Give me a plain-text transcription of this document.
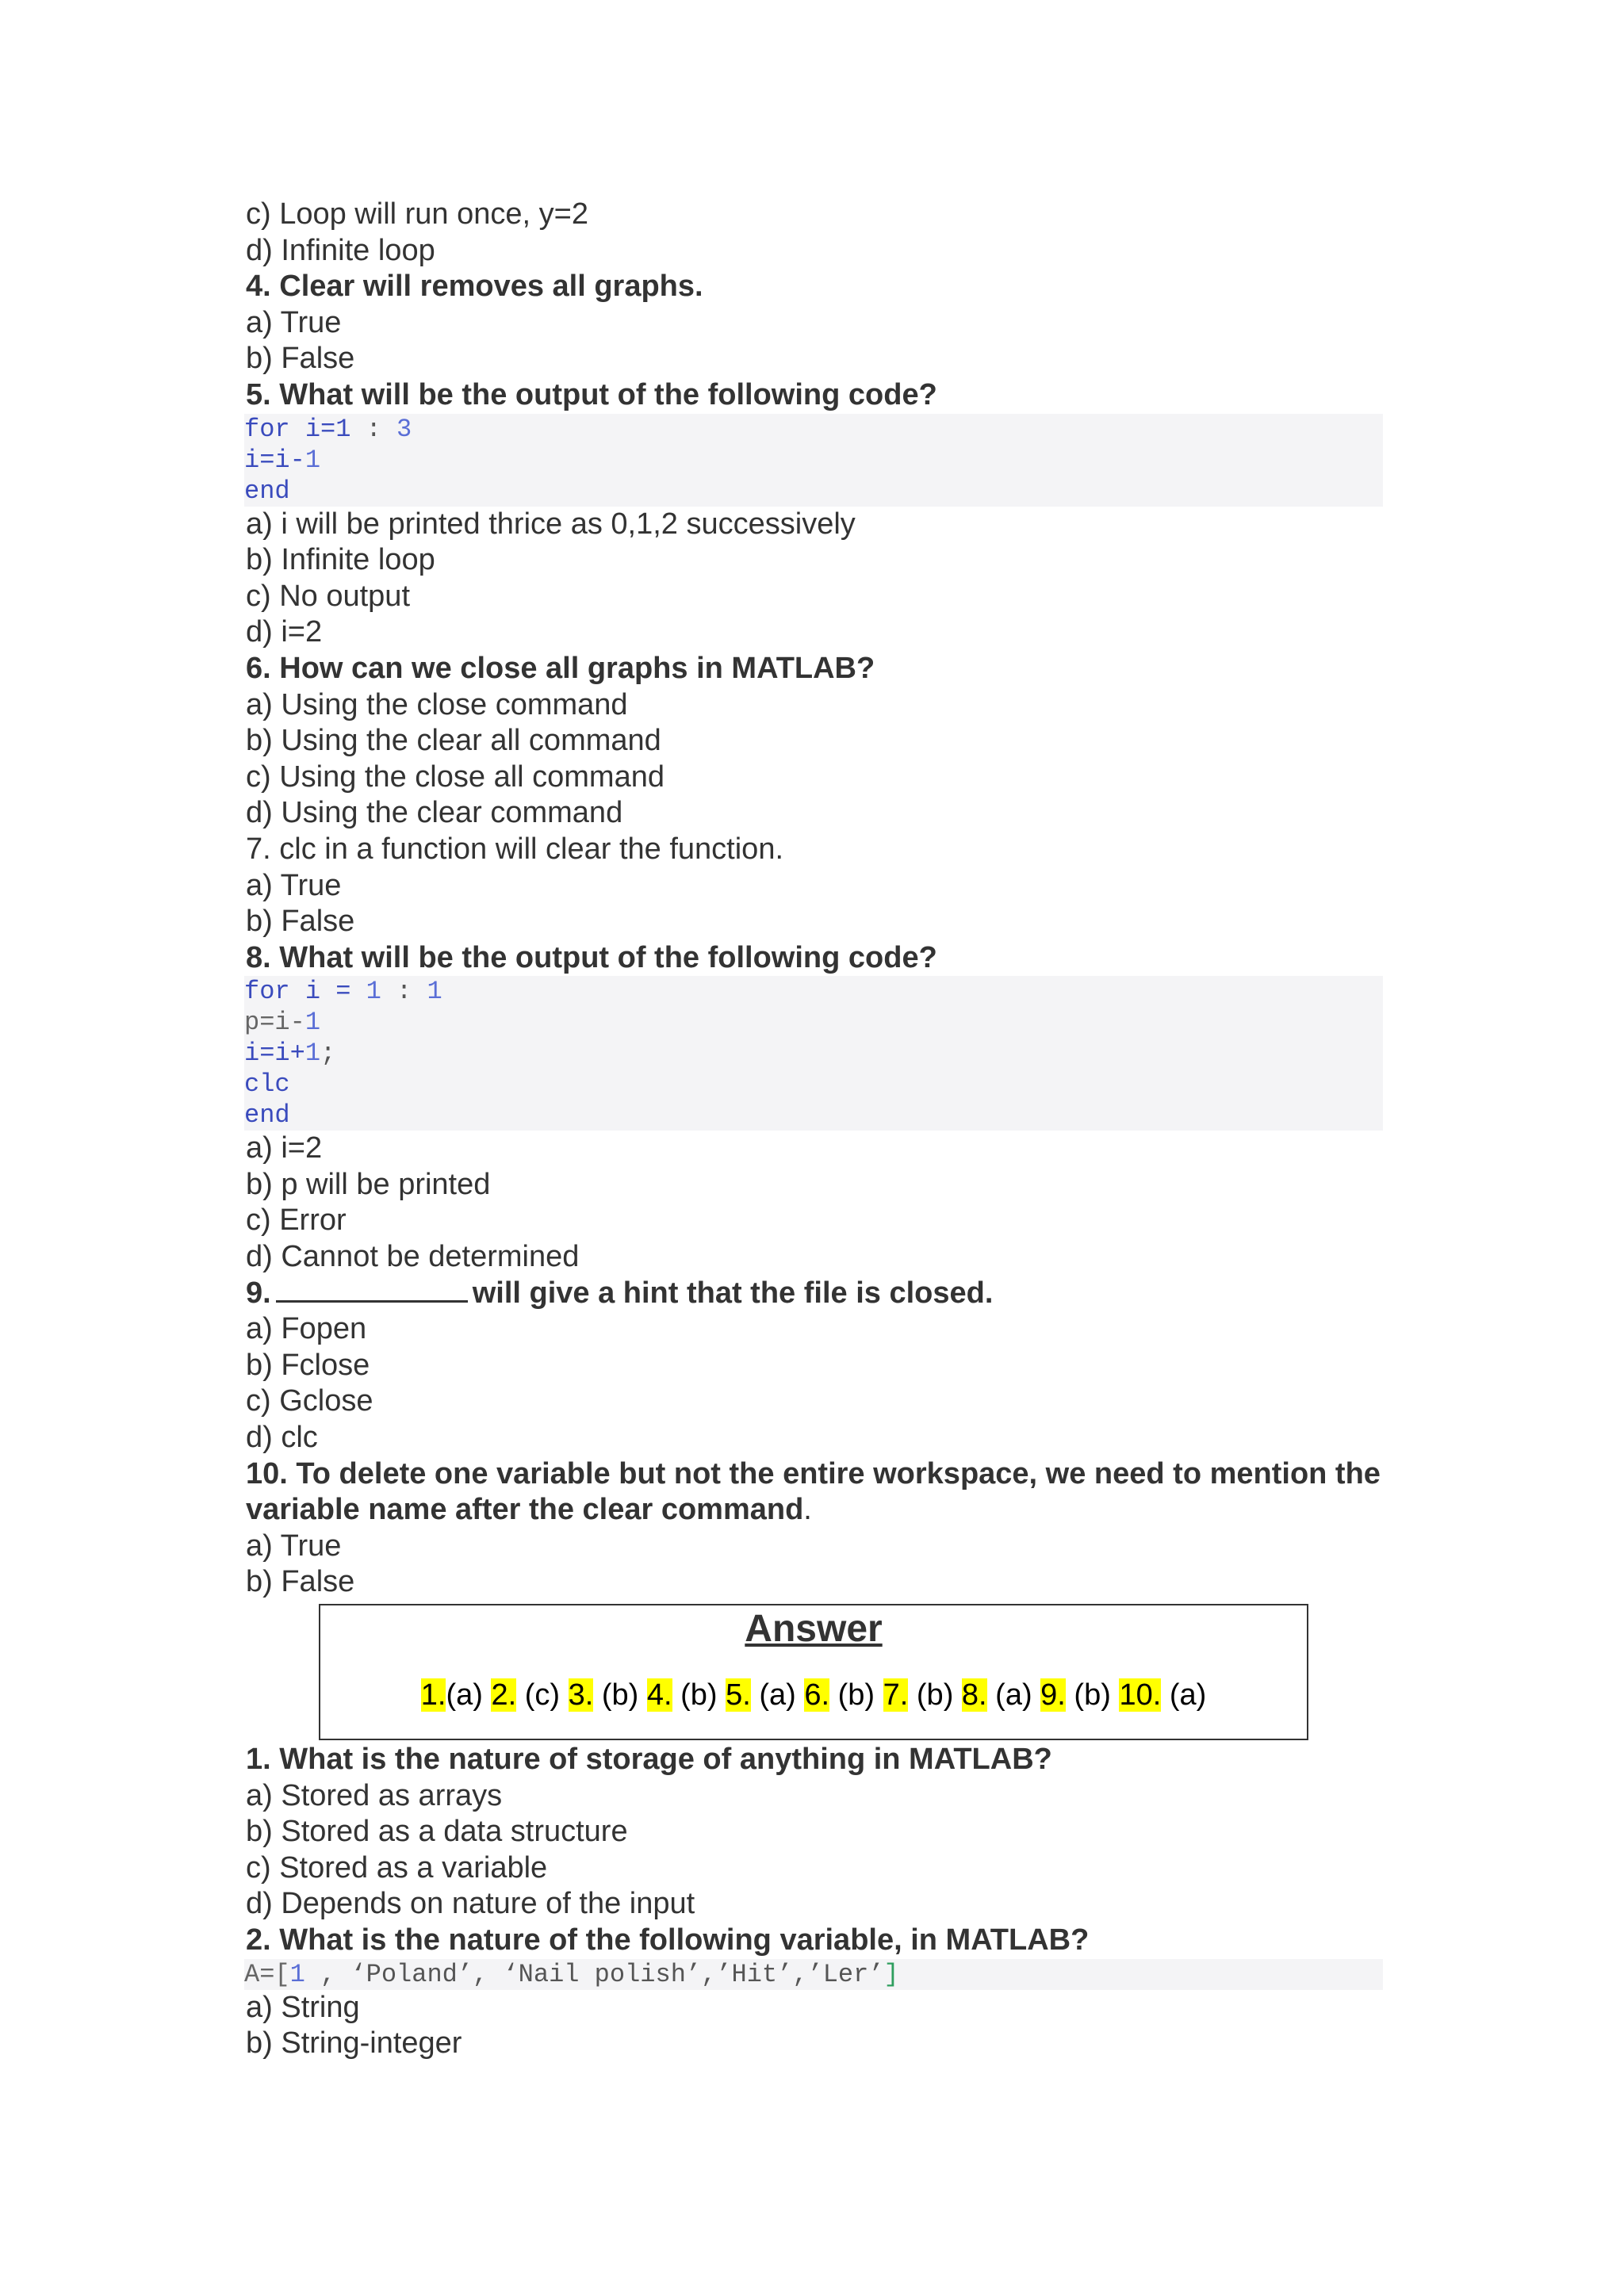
c) Loop will run once, y=2
d) Infinite loop
4. Clear will removes all graphs.
a) True
b) False
5. What will be the output of the following code?
for i=1 : 3
i=i-1
end
a) i will be printed thrice as 0,1,2 successively
b) Infinite loop
c) No output
d) i=2
6. How can we close all graphs in MATLAB?
a) Using the close command
b) Using the clear all command
c) Using the close all command
d) Using the clear command
7. clc in a function will clear the function.
a) True
b) False
8. What will be the output of the following code?
for i = 1 : 1
p=i-1
i=i+1;
clc
end
a) i=2
b) p will be printed
c) Error
d) Cannot be determined
9.	will give a hint that the file is closed.
a) Fopen
b) Fclose
c) Gclose
d) clc
10. To delete one variable but not the entire workspace, we need to mention the variable name after the clear command.
a) True
b) False
Answer
1.(a) 2. (c) 3. (b) 4. (b) 5. (a) 6. (b) 7. (b) 8. (a) 9. (b) 10. (a)
1. What is the nature of storage of anything in MATLAB?
a) Stored as arrays
b) Stored as a data structure
c) Stored as a variable
d) Depends on nature of the input
2. What is the nature of the following variable, in MATLAB?
A=[1 , ‘Poland’, ‘Nail polish’,’Hit’,’Ler’]
a) String
b) String-integer
